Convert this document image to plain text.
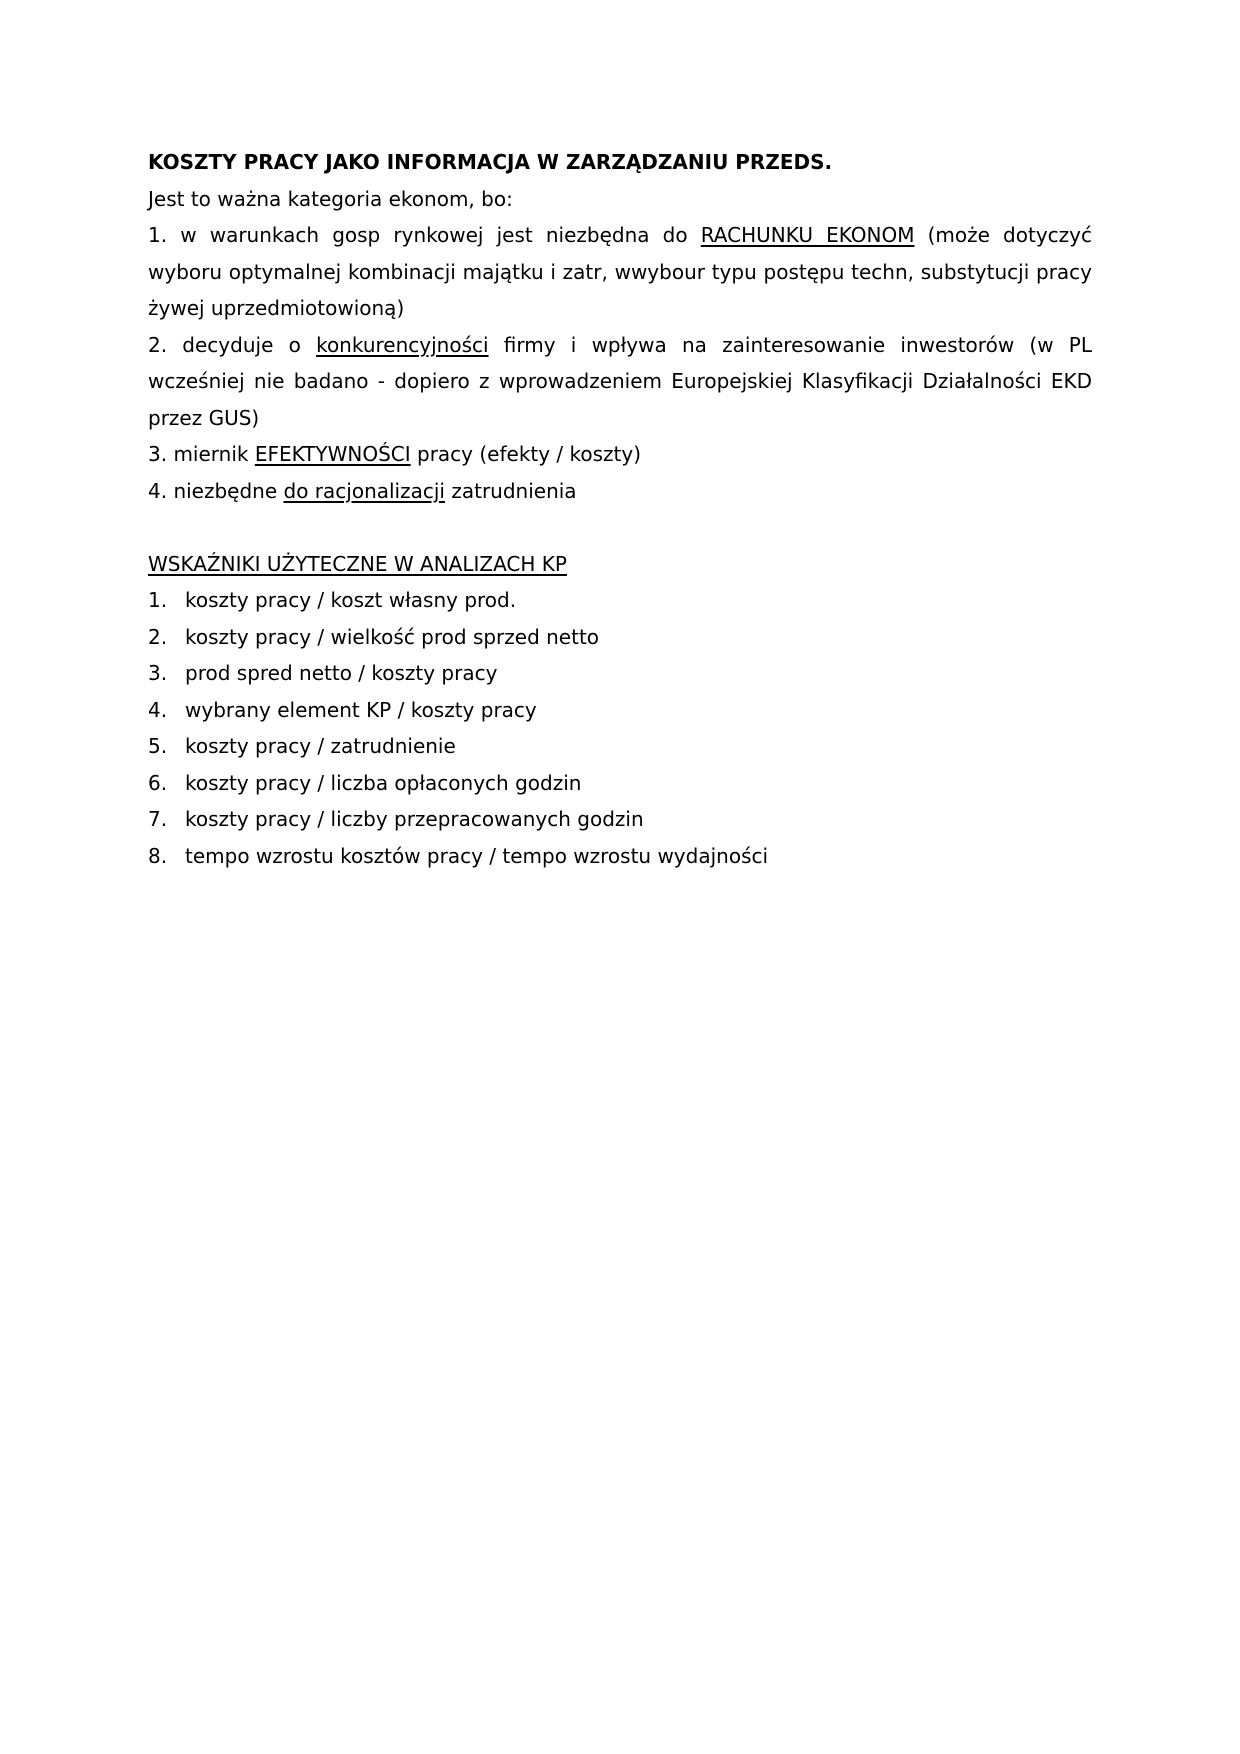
KOSZTY PRACY JAKO INFORMACJA W ZARZĄDZANIU PRZEDS.

Jest to ważna kategoria ekonom, bo:

1. w warunkach gosp rynkowej jest niezbędna do RACHUNKU EKONOM (może dotyczyć wyboru optymalnej kombinacji majątku i zatr, wwybour typu postępu techn, substytucji pracy żywej uprzedmiotowioną)

2. decyduje o konkurencyjności firmy i wpływa na zainteresowanie inwestorów (w PL wcześniej nie badano - dopiero z wprowadzeniem Europejskiej Klasyfikacji Działalności EKD przez GUS)

3. miernik EFEKTYWNOŚCI pracy (efekty / koszty)

4. niezbędne do racjonalizacji zatrudnienia

WSKAŹNIKI UŻYTECZNE W ANALIZACH KP

1. koszty pracy / koszt własny prod.
2. koszty pracy / wielkość prod sprzed netto
3. prod spred netto / koszty pracy
4. wybrany element KP / koszty pracy
5. koszty pracy / zatrudnienie
6. koszty pracy / liczba opłaconych godzin
7. koszty pracy / liczby przepracowanych godzin
8. tempo wzrostu kosztów pracy / tempo wzrostu wydajności
